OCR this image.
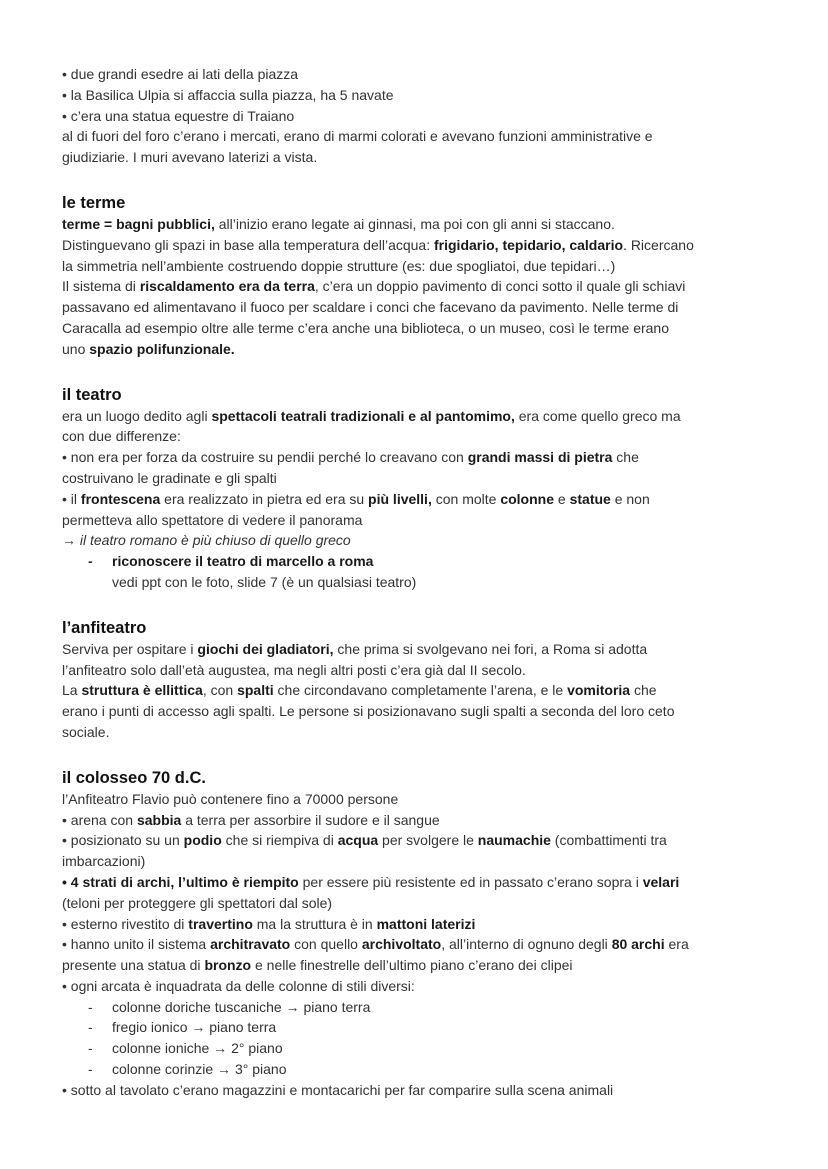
• due grandi esedre ai lati della piazza
• la Basilica Ulpia si affaccia sulla piazza, ha 5 navate
• c’era una statua equestre di Traiano
al di fuori del foro c’erano i mercati, erano di marmi colorati e avevano funzioni amministrative e
giudiziarie. I muri avevano laterizi a vista.
le terme
terme = bagni pubblici, all’inizio erano legate ai ginnasi, ma poi con gli anni si staccano.
Distinguevano gli spazi in base alla temperatura dell’acqua: frigidario, tepidario, caldario. Ricercano
la simmetria nell’ambiente costruendo doppie strutture (es: due spogliatoi, due tepidari…)
Il sistema di riscaldamento era da terra, c’era un doppio pavimento di conci sotto il quale gli schiavi
passavano ed alimentavano il fuoco per scaldare i conci che facevano da pavimento. Nelle terme di
Caracalla ad esempio oltre alle terme c’era anche una biblioteca, o un museo, così le terme erano
uno spazio polifunzionale.
il teatro
era un luogo dedito agli spettacoli teatrali tradizionali e al pantomimo, era come quello greco ma
con due differenze:
• non era per forza da costruire su pendii perché lo creavano con grandi massi di pietra che
costruivano le gradinate e gli spalti
• il frontescena era realizzato in pietra ed era su più livelli, con molte colonne e statue e non
permetteva allo spettatore di vedere il panorama
→ il teatro romano è più chiuso di quello greco
- riconoscere il teatro di marcello a roma
vedi ppt con le foto, slide 7 (è un qualsiasi teatro)
l’anfiteatro
Serviva per ospitare i giochi dei gladiatori, che prima si svolgevano nei fori, a Roma si adotta
l’anfiteatro solo dall’età augustea, ma negli altri posti c’era già dal II secolo.
La struttura è ellittica, con spalti che circondavano completamente l’arena, e le vomitoria che
erano i punti di accesso agli spalti. Le persone si posizionavano sugli spalti a seconda del loro ceto
sociale.
il colosseo 70 d.C.
l’Anfiteatro Flavio può contenere fino a 70000 persone
• arena con sabbia a terra per assorbire il sudore e il sangue
• posizionato su un podio che si riempiva di acqua per svolgere le naumachie (combattimenti tra
imbarcazioni)
• 4 strati di archi, l’ultimo è riempito per essere più resistente ed in passato c’erano sopra i velari
(teloni per proteggere gli spettatori dal sole)
• esterno rivestito di travertino ma la struttura è in mattoni laterizi
• hanno unito il sistema architravato con quello archivoltato, all’interno di ognuno degli 80 archi era
presente una statua di bronzo e nelle finestrelle dell’ultimo piano c’erano dei clipei
• ogni arcata è inquadrata da delle colonne di stili diversi:
- colonne doriche tuscaniche → piano terra
- fregio ionico → piano terra
- colonne ioniche → 2° piano
- colonne corinzie → 3° piano
• sotto al tavolato c’erano magazzini e montacarichi per far comparire sulla scena animali
